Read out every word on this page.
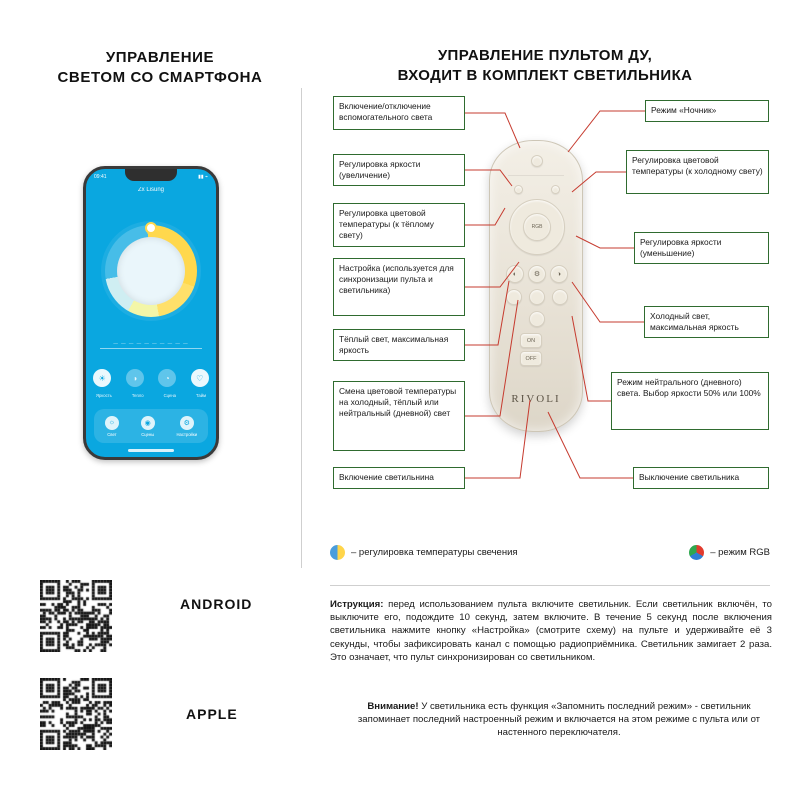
УПРАВЛЕНИЕ
СВЕТОМ СО СМАРТФОНА
УПРАВЛЕНИЕ ПУЛЬТОМ ДУ,
ВХОДИТ В КОМПЛЕКТ СВЕТИЛЬНИКА
09:41	▮▮ ⌁
Zx Lisung
— — — — — — — — — —
☀	◑	◔	♡
Яркость	Тепло	Сцена	Тайм
☼
Свет
◉
Сцены
⚙
Настройки
ANDROID
APPLE
RGB
◐	⚙	◑
ON
OFF
RIVOLI
Включение/отключение вспомогательного света
Регулировка яркости (увеличение)
Регулировка цветовой температуры (к тёплому свету)
Настройка (используется для синхронизации пульта и светильника)
Тёплый свет, максимальная яркость
Смена цветовой температуры на холодный, тёплый или нейтральный (дневной) свет
Включение светильнина
Режим «Ночник»
Регулировка цветовой температуры (к холодному свету)
Регулировка яркости (уменьшение)
Холодный свет, максимальная яркость
Режим нейтрального (дневного) света. Выбор яркости 50% или 100%
Выключение светильника
– регулировка температуры свечения	– режим RGB
Иструкция: перед использованием пульта включите светильник. Если светильник включён, то выключите его, подождите 10 секунд, затем включите. В течение 5 секунд после включения светильника нажмите кнопку «Настройка» (смотрите схему) на пульте и удерживайте её 3 секунды, чтобы зафиксировать канал с помощью радиоприёмника. Светильник замигает 2 раза. Это означает, что пульт синхронизирован со светильником.
Внимание! У светильника есть функция «Запомнить последний режим» - светильник запоминает последний настроенный режим и включается на этом режиме с пульта или от настенного переключателя.
